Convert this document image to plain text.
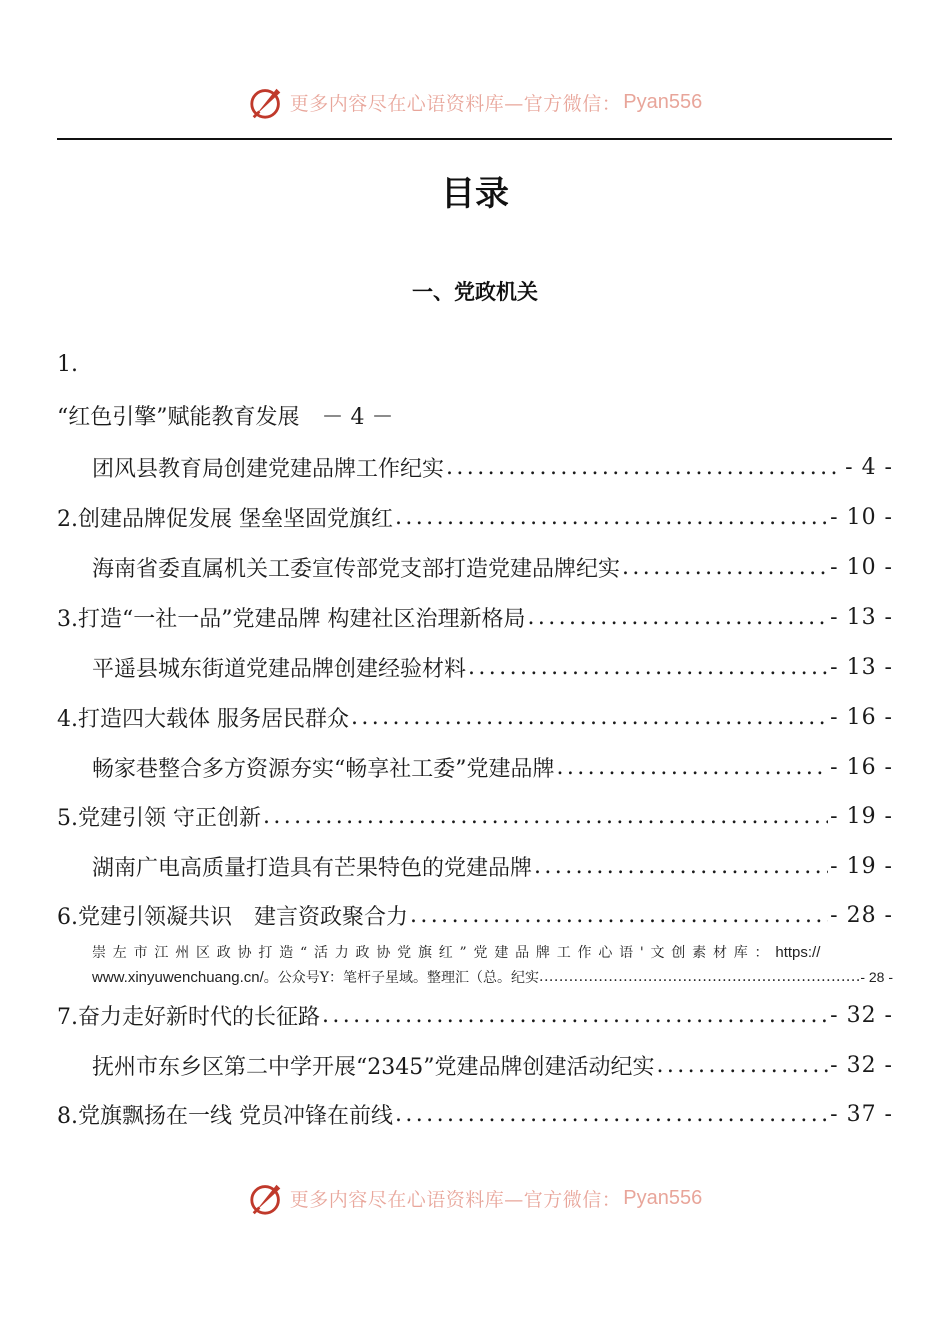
更多内容尽在心语资料库—官方微信： Pyan556
目录
一、党政机关
1.
“红色引擎”赋能教育发展　－ 4 －
团风县教育局创建党建品牌工作纪实 .....	- 4 -
2.创建品牌促发展 堡垒坚固党旗红 .....	- 10 -
海南省委直属机关工委宣传部党支部打造党建品牌纪实 .....	- 10 -
3.打造“一社一品”党建品牌 构建社区治理新格局 .....	- 13 -
平遥县城东街道党建品牌创建经验材料 .....	- 13 -
4.打造四大载体 服务居民群众 .....	- 16 -
畅家巷整合多方资源夯实“畅享社工委”党建品牌 .....	- 16 -
5.党建引领 守正创新 .....	- 19 -
湖南广电高质量打造具有芒果特色的党建品牌 .....	- 19 -
6.党建引领凝共识　建言资政聚合力 .....	- 28 -
崇左市江州区政协打造“活力政协党旗红”党建品牌工作心语'文创素材库：https://
www.xinyuwenchuang.cn/ 。公众号Y：笔杆子星域。整理汇（总。纪实 .....	- 28 -
7.奋力走好新时代的长征路 .....	- 32 -
抚州市东乡区第二中学开展“2345”党建品牌创建活动纪实 .....	- 32 -
8.党旗飘扬在一线 党员冲锋在前线 .....	- 37 -
更多内容尽在心语资料库—官方微信： Pyan556
